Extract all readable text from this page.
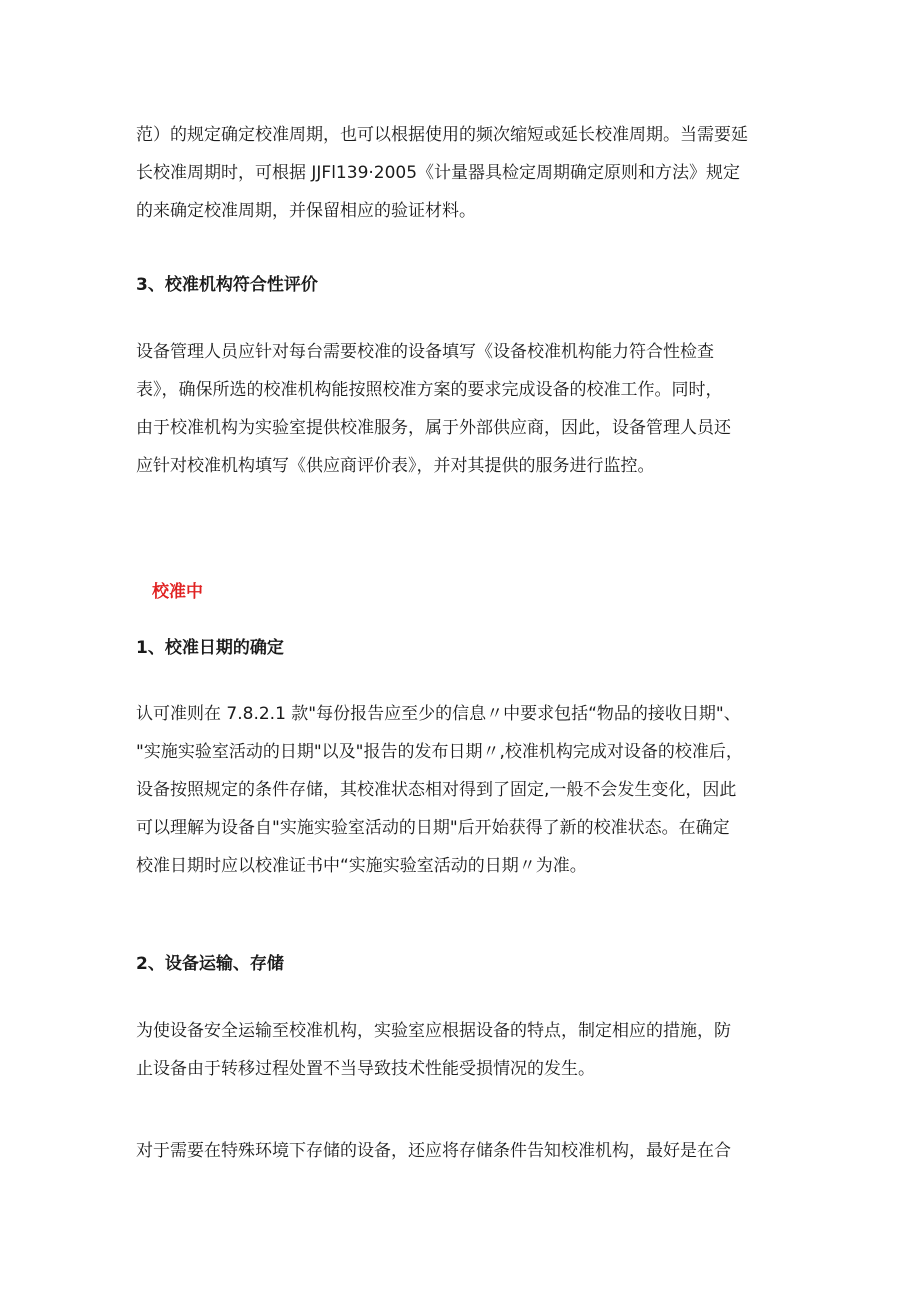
范）的规定确定校准周期，也可以根据使用的频次缩短或延长校准周期。当需要延
长校准周期时，可根据 JJFl139·2005《计量器具检定周期确定原则和方法》规定
的来确定校准周期，并保留相应的验证材料。
3、校准机构符合性评价
设备管理人员应针对每台需要校准的设备填写《设备校准机构能力符合性检查
表》，确保所选的校准机构能按照校准方案的要求完成设备的校准工作。同时，
由于校准机构为实验室提供校准服务，属于外部供应商，因此，设备管理人员还
应针对校准机构填写《供应商评价表》，并对其提供的服务进行监控。
校准中
1、校准日期的确定
认可准则在 7.8.2.1 款"每份报告应至少的信息〃中要求包括“物品的接收日期"、
"实施实验室活动的日期"以及"报告的发布日期〃,校准机构完成对设备的校准后，
设备按照规定的条件存储，其校准状态相对得到了固定,一般不会发生变化，因此
可以理解为设备自"实施实验室活动的日期"后开始获得了新的校准状态。在确定
校准日期时应以校准证书中“实施实验室活动的日期〃为准。
2、设备运输、存储
为使设备安全运输至校准机构，实验室应根据设备的特点，制定相应的措施，防
止设备由于转移过程处置不当导致技术性能受损情况的发生。
对于需要在特殊环境下存储的设备，还应将存储条件告知校准机构，最好是在合
